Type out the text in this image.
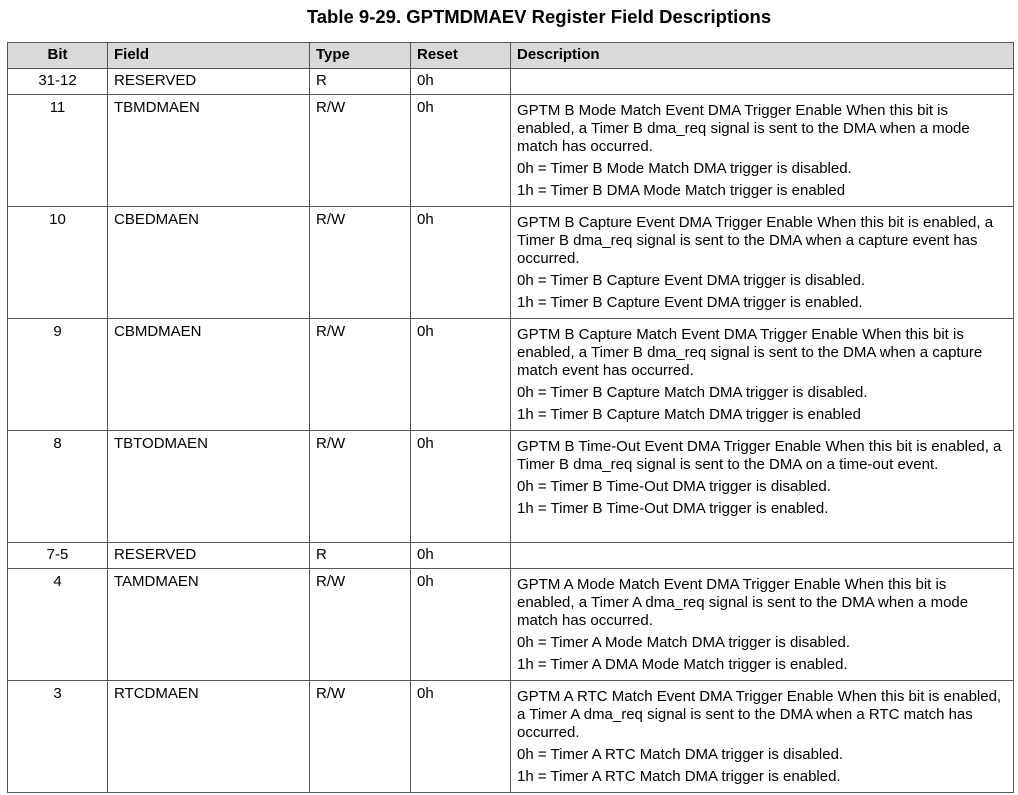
Table 9-29. GPTMDMAEV Register Field Descriptions
Bit	Field	Type	Reset	Description
31-12	RESERVED	R	0h	
11	TBMDMAEN	R/W	0h	GPTM B Mode Match Event DMA Trigger Enable When this bit is enabled, a Timer B dma_req signal is sent to the DMA when a mode match has occurred.

0h = Timer B Mode Match DMA trigger is disabled.

1h = Timer B DMA Mode Match trigger is enabled

10	CBEDMAEN	R/W	0h	GPTM B Capture Event DMA Trigger Enable When this bit is enabled, a Timer B dma_req signal is sent to the DMA when a capture event has occurred.

0h = Timer B Capture Event DMA trigger is disabled.

1h = Timer B Capture Event DMA trigger is enabled.

9	CBMDMAEN	R/W	0h	GPTM B Capture Match Event DMA Trigger Enable When this bit is enabled, a Timer B dma_req signal is sent to the DMA when a capture match event has occurred.

0h = Timer B Capture Match DMA trigger is disabled.

1h = Timer B Capture Match DMA trigger is enabled

8	TBTODMAEN	R/W	0h	GPTM B Time-Out Event DMA Trigger Enable When this bit is enabled, a Timer B dma_req signal is sent to the DMA on a time-out event.

0h = Timer B Time-Out DMA trigger is disabled.

1h = Timer B Time-Out DMA trigger is enabled.

7-5	RESERVED	R	0h	
4	TAMDMAEN	R/W	0h	GPTM A Mode Match Event DMA Trigger Enable When this bit is enabled, a Timer A dma_req signal is sent to the DMA when a mode match has occurred.

0h = Timer A Mode Match DMA trigger is disabled.

1h = Timer A DMA Mode Match trigger is enabled.

3	RTCDMAEN	R/W	0h	GPTM A RTC Match Event DMA Trigger Enable When this bit is enabled, a Timer A dma_req signal is sent to the DMA when a RTC match has occurred.

0h = Timer A RTC Match DMA trigger is disabled.

1h = Timer A RTC Match DMA trigger is enabled.
